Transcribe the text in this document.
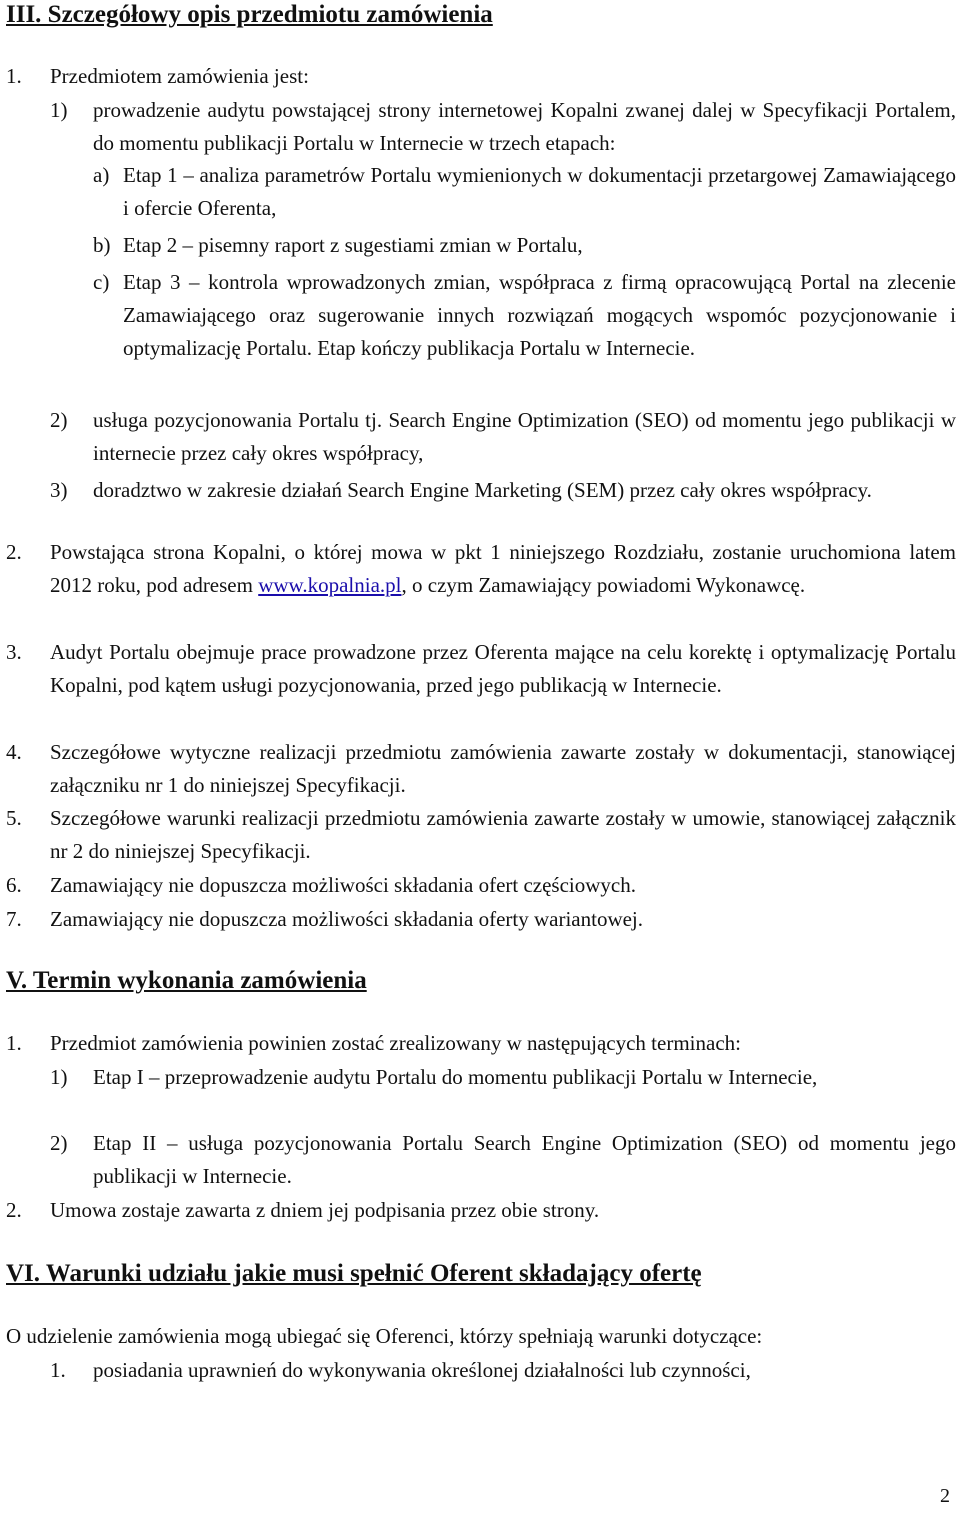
III. Szczegółowy opis przedmiotu zamówienia
1.	Przedmiotem zamówienia jest:
1)	prowadzenie audytu powstającej strony internetowej Kopalni zwanej dalej w Specyfikacji Portalem, do momentu publikacji Portalu w Internecie w trzech etapach:
a) Etap 1 – analiza parametrów Portalu wymienionych w dokumentacji przetargowej Zamawiającego i ofercie Oferenta,
b) Etap 2 – pisemny raport z sugestiami zmian w Portalu,
c) Etap 3 – kontrola wprowadzonych zmian, współpraca z firmą opracowującą Portal na zlecenie Zamawiającego oraz sugerowanie innych rozwiązań mogących wspomóc pozycjonowanie i optymalizację Portalu. Etap kończy publikacja Portalu w Internecie.
2)	usługa pozycjonowania Portalu tj. Search Engine Optimization (SEO) od momentu jego publikacji w internecie przez cały okres współpracy,
3)	doradztwo w zakresie działań Search Engine Marketing (SEM) przez cały okres współpracy.
2.	Powstająca strona Kopalni, o której mowa w pkt 1 niniejszego Rozdziału, zostanie uruchomiona latem 2012 roku, pod adresem www.kopalnia.pl, o czym Zamawiający powiadomi Wykonawcę.
3.	Audyt Portalu obejmuje prace prowadzone przez Oferenta mające na celu korektę i optymalizację Portalu Kopalni, pod kątem usługi pozycjonowania, przed jego publikacją w Internecie.
4.	Szczegółowe wytyczne realizacji przedmiotu zamówienia zawarte zostały w dokumentacji, stanowiącej załączniku nr 1 do niniejszej Specyfikacji.
5.	Szczegółowe warunki realizacji przedmiotu zamówienia zawarte zostały w umowie, stanowiącej załącznik nr 2 do niniejszej Specyfikacji.
6.	Zamawiający nie dopuszcza możliwości składania ofert częściowych.
7.	Zamawiający nie dopuszcza możliwości składania oferty wariantowej.
V. Termin wykonania zamówienia
1.	Przedmiot zamówienia powinien zostać zrealizowany w następujących terminach:
1)	Etap I – przeprowadzenie audytu Portalu do momentu publikacji Portalu w Internecie,
2)	Etap II – usługa pozycjonowania Portalu Search Engine Optimization (SEO) od momentu jego publikacji w Internecie.
2.	Umowa zostaje zawarta z dniem jej podpisania przez obie strony.
VI. Warunki udziału jakie musi spełnić Oferent składający ofertę
O udzielenie zamówienia mogą ubiegać się Oferenci, którzy spełniają warunki dotyczące:
1.	posiadania uprawnień do wykonywania określonej działalności lub czynności,
2
